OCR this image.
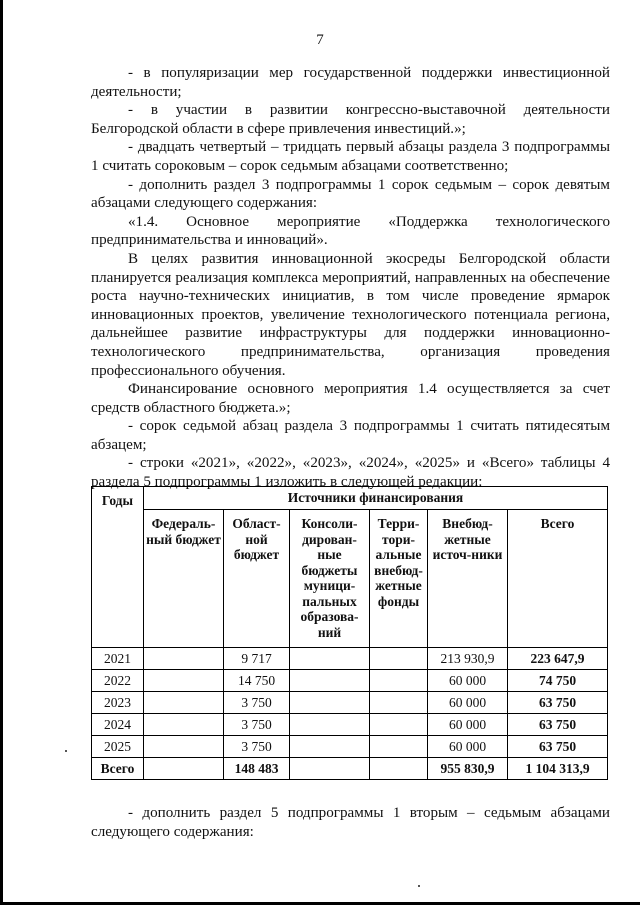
7

- в популяризации мер государственной поддержки инвестиционной деятельности;

- в участии в развитии конгрессно-выставочной деятельности Белгородской области в сфере привлечения инвестиций.»;

- двадцать четвертый – тридцать первый абзацы раздела 3 подпрограммы 1 считать сороковым – сорок седьмым абзацами соответственно;

- дополнить раздел 3 подпрограммы 1 сорок седьмым – сорок девятым абзацами следующего содержания:

«1.4. Основное мероприятие «Поддержка технологического предпринимательства и инноваций».

В целях развития инновационной экосреды Белгородской области планируется реализация комплекса мероприятий, направленных на обеспечение роста научно-технических инициатив, в том числе проведение ярмарок инновационных проектов, увеличение технологического потенциала региона, дальнейшее развитие инфраструктуры для поддержки инновационно-технологического предпринимательства, организация проведения профессионального обучения.

Финансирование основного мероприятия 1.4 осуществляется за счет средств областного бюджета.»;

- сорок седьмой абзац раздела 3 подпрограммы 1 считать пятидесятым абзацем;

- строки «2021», «2022», «2023», «2024», «2025» и «Всего» таблицы 4 раздела 5 подпрограммы 1 изложить в следующей редакции:

Годы	Источники финансирования					
	Федераль-ный бюджет	Област-ной бюджет	Консоли-дирован-ные бюджеты муници-пальных образова-ний	Терри-тори-альные внебюд-жетные фонды	Внебюд-жетные источ-ники	Всего
2021		9 717			213 930,9	223 647,9
2022		14 750			60 000	74 750
2023		3 750			60 000	63 750
2024		3 750			60 000	63 750
2025		3 750			60 000	63 750
Всего		148 483			955 830,9	1 104 313,9

- дополнить раздел 5 подпрограммы 1 вторым – седьмым абзацами следующего содержания:
